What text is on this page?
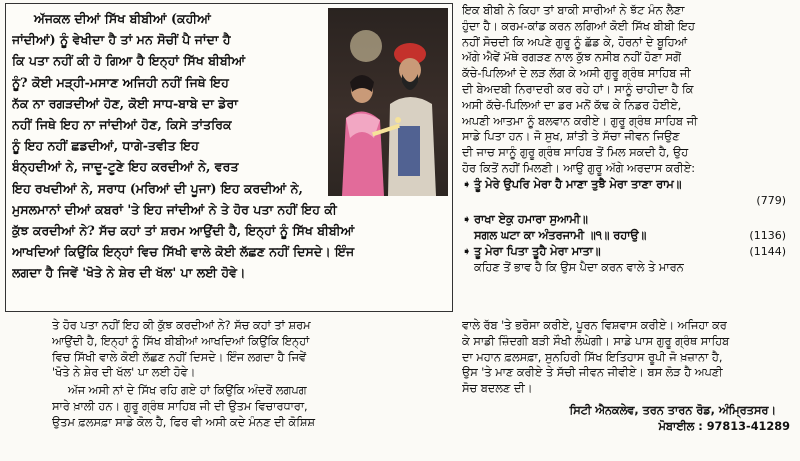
ਅੱਜਕਲ ਦੀਆਂ ਸਿੱਖ ਬੀਬੀਆਂ (ਕਹੀਆਂ
ਜਾਂਦੀਆਂ) ਨੂੰ ਵੇਖੀਦਾ ਹੈ ਤਾਂ ਮਨ ਸੋਚੀਂ ਪੈ ਜਾਂਦਾ ਹੈ
ਕਿ ਪਤਾ ਨਹੀਂ ਕੀ ਹੋ ਗਿਆ ਹੈ ਇਨ੍ਹਾਂ ਸਿੱਖ ਬੀਬੀਆਂ
ਨੂੰ? ਕੋਈ ਮੜ੍ਹੀ-ਮਸਾਣ ਅਜਿਹੀ ਨਹੀਂ ਜਿਥੇ ਇਹ
ਨੱਕ ਨਾ ਰਗੜਦੀਆਂ ਹੋਣ, ਕੋਈ ਸਾਧ-ਬਾਬੇ ਦਾ ਡੇਰਾ
ਨਹੀਂ ਜਿਥੇ ਇਹ ਨਾ ਜਾਂਦੀਆਂ ਹੋਣ, ਕਿਸੇ ਤਾਂਤਰਿਕ
ਨੂੰ ਇਹ ਨਹੀਂ ਛਡਦੀਆਂ, ਧਾਗੇ-ਤਵੀਤ ਇਹ
ਬੰਨ੍ਹਦੀਆਂ ਨੇ, ਜਾਦੂ-ਟੂਣੇ ਇਹ ਕਰਦੀਆਂ ਨੇ, ਵਰਤ
ਇਹ ਰਖਦੀਆਂ ਨੇ, ਸਰਾਧ (ਮਰਿਆਂ ਦੀ ਪੂਜਾ) ਇਹ ਕਰਦੀਆਂ ਨੇ,
ਮੁਸਲਮਾਨਾਂ ਦੀਆਂ ਕਬਰਾਂ 'ਤੇ ਇਹ ਜਾਂਦੀਆਂ ਨੇ ਤੇ ਹੋਰ ਪਤਾ ਨਹੀਂ ਇਹ ਕੀ
ਕੁੱਝ ਕਰਦੀਆਂ ਨੇ? ਸੱਚ ਕਹਾਂ ਤਾਂ ਸ਼ਰਮ ਆਉਂਦੀ ਹੈ, ਇਨ੍ਹਾਂ ਨੂੰ ਸਿੱਖ ਬੀਬੀਆਂ
ਆਖਦਿਆਂ ਕਿਉਂਕਿ ਇਨ੍ਹਾਂ ਵਿਚ ਸਿੱਖੀ ਵਾਲੇ ਕੋਈ ਲੱਛਣ ਨਹੀਂ ਦਿਸਦੇ। ਇੰਜ
ਲਗਦਾ ਹੈ ਜਿਵੇਂ 'ਖੋਤੇ ਨੇ ਸ਼ੇਰ ਦੀ ਖੱਲ' ਪਾ ਲਈ ਹੋਵੇ।
ਇਕ ਬੀਬੀ ਨੇ ਕਿਹਾ ਤਾਂ ਬਾਕੀ ਸਾਰੀਆਂ ਨੇ ਝੱਟ ਮੰਨ ਲੈਣਾ
ਹੁੰਦਾ ਹੈ। ਕਰਮ-ਕਾਂਡ ਕਰਨ ਲਗਿਆਂ ਕੋਈ ਸਿੱਖ ਬੀਬੀ ਇਹ
ਨਹੀਂ ਸੋਚਦੀ ਕਿ ਅਪਣੇ ਗੁਰੂ ਨੂੰ ਛੱਡ ਕੇ, ਹੋਰਨਾਂ ਦੇ ਬੂਹਿਆਂ
ਅੱਗੇ ਐਵੇਂ ਮੱਥੇ ਰਗੜਣ ਨਾਲ ਕੁੱਝ ਨਸੀਬ ਨਹੀਂ ਹੋਣਾ ਸਗੋਂ
ਕੱਚੇ-ਪਿਲਿਆਂ ਦੇ ਲੜ ਲੱਗ ਕੇ ਅਸੀ ਗੁਰੂ ਗ੍ਰੰਥ ਸਾਹਿਬ ਜੀ
ਦੀ ਬੇਅਦਬੀ ਨਿਰਾਦਰੀ ਕਰ ਰਹੇ ਹਾਂ। ਸਾਨੂੰ ਚਾਹੀਦਾ ਹੈ ਕਿ
ਅਸੀ ਕੱਚੇ-ਪਿਲਿਆਂ ਦਾ ਡਰ ਮਨੋਂ ਕੱਢ ਕੇ ਨਿਡਰ ਹੋਈਏ,
ਅਪਣੀ ਆਤਮਾ ਨੂੰ ਬਲਵਾਨ ਕਰੀਏ। ਗੁਰੂ ਗ੍ਰੰਥ ਸਾਹਿਬ ਜੀ
ਸਾਡੇ ਪਿਤਾ ਹਨ। ਜੋ ਸੁਖ, ਸ਼ਾਂਤੀ ਤੇ ਸੱਚਾ ਜੀਵਨ ਜਿਉਣ
ਦੀ ਜਾਚ ਸਾਨੂੰ ਗੁਰੂ ਗ੍ਰੰਥ ਸਾਹਿਬ ਤੋਂ ਮਿਲ ਸਕਦੀ ਹੈ, ਉਹ
ਹੋਰ ਕਿਤੋਂ ਨਹੀਂ ਮਿਲਣੀ। ਆਉ ਗੁਰੂ ਅੱਗੇ ਅਰਦਾਸ ਕਰੀਏ:
➧ ਤੂੰ ਮੇਰੇ ਉਪਰਿ ਮੇਰਾ ਹੈ ਮਾਣਾ ਤੁਝੈ ਮੇਰਾ ਤਾਣਾ ਰਾਮ॥
(779)
➧ ਰਾਖਾ ਏਕੁ ਹਮਾਰਾ ਸੁਆਮੀ॥
ਸਗਲ ਘਟਾ ਕਾ ਅੰਤਰਜਾਮੀ ॥੧॥ ਰਹਾਉ॥	(1136)
➧ ਤੂ ਮੇਰਾ ਪਿਤਾ ਤੂਹੈ ਮੇਰਾ ਮਾਤਾ॥	(1144)
ਕਹਿਣ ਤੋਂ ਭਾਵ ਹੈ ਕਿ ਉਸ ਪੈਦਾ ਕਰਨ ਵਾਲੇ ਤੇ ਮਾਰਨ
ਤੇ ਹੋਰ ਪਤਾ ਨਹੀਂ ਇਹ ਕੀ ਕੁੱਝ ਕਰਦੀਆਂ ਨੇ? ਸੱਚ ਕਹਾਂ ਤਾਂ ਸ਼ਰਮ
ਆਉਂਦੀ ਹੈ, ਇਨ੍ਹਾਂ ਨੂੰ ਸਿੱਖ ਬੀਬੀਆਂ ਆਖਦਿਆਂ ਕਿਉਂਕਿ ਇਨ੍ਹਾਂ
ਵਿਚ ਸਿੱਖੀ ਵਾਲੇ ਕੋਈ ਲੱਛਣ ਨਹੀਂ ਦਿਸਦੇ। ਇੰਜ ਲਗਦਾ ਹੈ ਜਿਵੇਂ
'ਖੋਤੇ ਨੇ ਸ਼ੇਰ ਦੀ ਖੱਲ' ਪਾ ਲਈ ਹੋਵੇ।
ਅੱਜ ਅਸੀ ਨਾਂ ਦੇ ਸਿੱਖ ਰਹਿ ਗਏ ਹਾਂ ਕਿਉਂਕਿ ਅੰਦਰੋਂ ਲਗਪਗ
ਸਾਰੇ ਖ਼ਾਲੀ ਹਨ। ਗੁਰੂ ਗ੍ਰੰਥ ਸਾਹਿਬ ਜੀ ਦੀ ਉਤਮ ਵਿਚਾਰਧਾਰਾ,
ਉਤਮ ਫ਼ਲਸਫ਼ਾ ਸਾਡੇ ਕੋਲ ਹੈ, ਫਿਰ ਵੀ ਅਸੀ ਕਦੇ ਮੰਨਣ ਦੀ ਕੋਸ਼ਿਸ਼
ਵਾਲੇ ਰੱਬ 'ਤੇ ਭਰੋਸਾ ਕਰੀਏ, ਪੂਰਨ ਵਿਸ਼ਵਾਸ ਕਰੀਏ। ਅਜਿਹਾ ਕਰ
ਕੇ ਸਾਡੀ ਜ਼ਿੰਦਗੀ ਬੜੀ ਸੌਖੀ ਲੰਘੇਗੀ। ਸਾਡੇ ਪਾਸ ਗੁਰੂ ਗ੍ਰੰਥ ਸਾਹਿਬ
ਦਾ ਮਹਾਨ ਫ਼ਲਸਫ਼ਾ, ਸੁਨਹਿਰੀ ਸਿੱਖ ਇਤਿਹਾਸ ਰੂਪੀ ਜੋ ਖ਼ਜ਼ਾਨਾ ਹੈ,
ਉਸ 'ਤੇ ਮਾਣ ਕਰੀਏ ਤੇ ਸੱਚੀ ਜੀਵਨ ਜੀਵੀਏ। ਬਸ ਲੋੜ ਹੈ ਅਪਣੀ
ਸੋਚ ਬਦਲਣ ਦੀ।
ਸਿਟੀ ਐਨਕਲੇਵ, ਤਰਨ ਤਾਰਨ ਰੋਡ, ਅੰਮ੍ਰਿਤਸਰ।
ਮੋਬਾਈਲ : 97813-41289
